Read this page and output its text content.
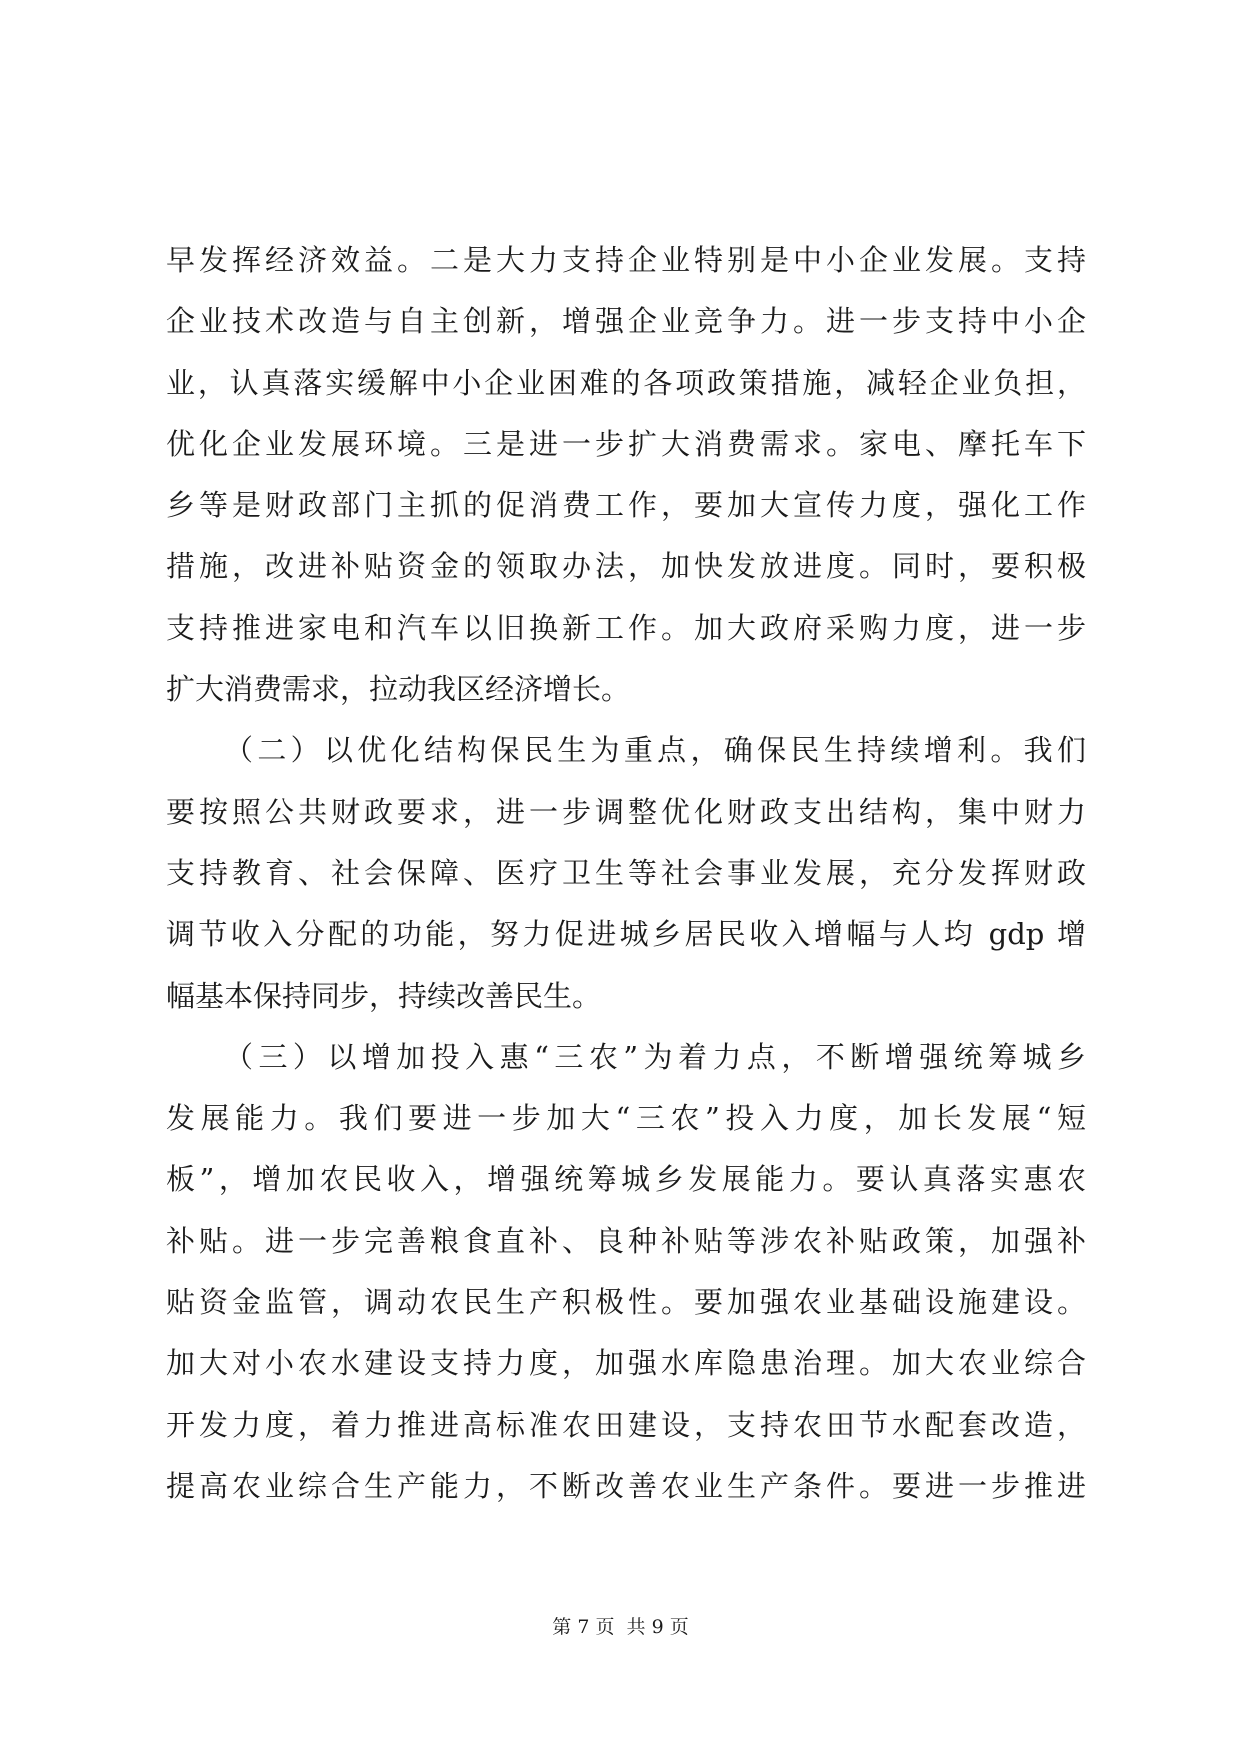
早发挥经济效益。二是大力支持企业特别是中小企业发展。支持
企业技术改造与自主创新，增强企业竞争力。进一步支持中小企
业，认真落实缓解中小企业困难的各项政策措施，减轻企业负担，
优化企业发展环境。三是进一步扩大消费需求。家电、摩托车下
乡等是财政部门主抓的促消费工作，要加大宣传力度，强化工作
措施，改进补贴资金的领取办法，加快发放进度。同时，要积极
支持推进家电和汽车以旧换新工作。加大政府采购力度，进一步
扩大消费需求，拉动我区经济增长。
（二）以优化结构保民生为重点，确保民生持续增利。我们
要按照公共财政要求，进一步调整优化财政支出结构，集中财力
支持教育、社会保障、医疗卫生等社会事业发展，充分发挥财政
调节收入分配的功能，努力促进城乡居民收入增幅与人均 gdp 增
幅基本保持同步，持续改善民生。
（三）以增加投入惠“三农”为着力点，不断增强统筹城乡
发展能力。我们要进一步加大“三农”投入力度，加长发展“短
板”，增加农民收入，增强统筹城乡发展能力。要认真落实惠农
补贴。进一步完善粮食直补、良种补贴等涉农补贴政策，加强补
贴资金监管，调动农民生产积极性。要加强农业基础设施建设。
加大对小农水建设支持力度，加强水库隐患治理。加大农业综合
开发力度，着力推进高标准农田建设，支持农田节水配套改造，
提高农业综合生产能力，不断改善农业生产条件。要进一步推进
第 7 页  共 9 页
